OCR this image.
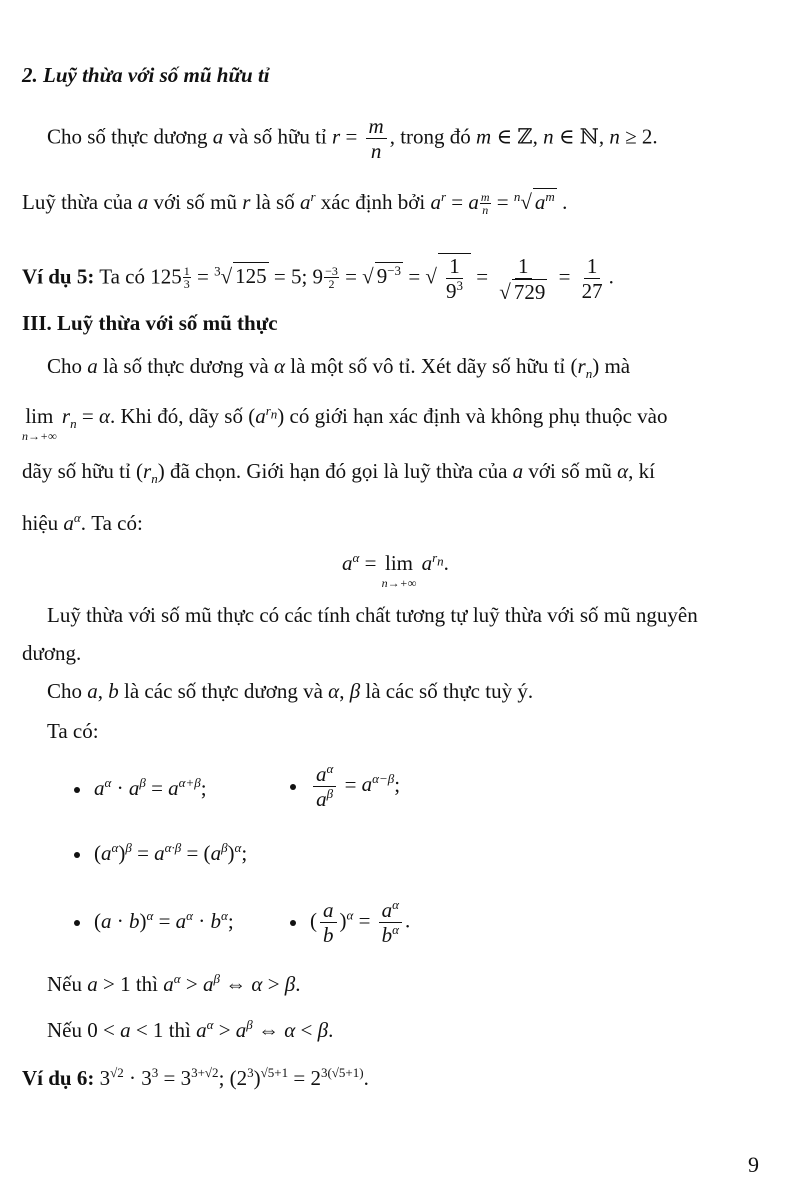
2. Luỹ thừa với số mũ hữu tỉ
Cho số thực dương a và số hữu tỉ $r = \frac{m}{n}$ , trong đó m ∈ ℤ, n ∈ ℕ, n ≥ 2.
Luỹ thừa của a với số mũ r là số $a^r$ xác định bởi $a^r = a \frac{m}{n} = ^n√$ $a^m$ .
Ví dụ 5: Ta có $125 \frac{1}{3} = ^3√$ 125 = 5; $9 \frac{-3}{2}$ = √ $9^{-3}$ = √ $\frac{1}{9^3} = \frac{1}{√ 729} = \frac{1}{27}$ .
III. Luỹ thừa với số mũ thực
Cho a là số thực dương và α là một số vô tỉ. Xét dãy số hữu tỉ $(r_n)$ mà
lim
n→+∞
$r_n = \alpha$. Khi đó, dãy số $(a^{r_n})$ có giới hạn xác định và không phụ thuộc vào
dãy số hữu tỉ $(r_n)$ đã chọn. Giới hạn đó gọi là luỹ thừa của a với số mũ α, kí
hiệu $a^\alpha$. Ta có:
$a^\alpha = \lim$
n→+∞
$a^{r_n}$.
Luỹ thừa với số mũ thực có các tính chất tương tự luỹ thừa với số mũ nguyên
dương.
Cho a, b là các số thực dương và α, β là các số thực tuỳ ý.
Ta có:
$a^\alpha \cdot a^\beta = a^{\alpha+\beta}$;	$\frac{a^\alpha}{a^\beta} = a^{\alpha-\beta}$;
$(a^\alpha)^\beta = a^{\alpha\cdot\beta} = (a^\beta)^\alpha$;
$(a \cdot b)^\alpha = a^\alpha \cdot b^\alpha$;	( $\frac{a}{b} )^\alpha = \frac{a^\alpha}{b^\alpha}$ .
Nếu a > 1 thì $a^\alpha > a^\beta$ ⇔ α > β.
Nếu 0 < a < 1 thì $a^\alpha > a^\beta$ ⇔ α < β.
Ví dụ 6: $3^{√2} \cdot 3^3 = 3^{3+√2}$; $(2^3)^{√5+1} = 2^{3(√5+1)}$.
9
